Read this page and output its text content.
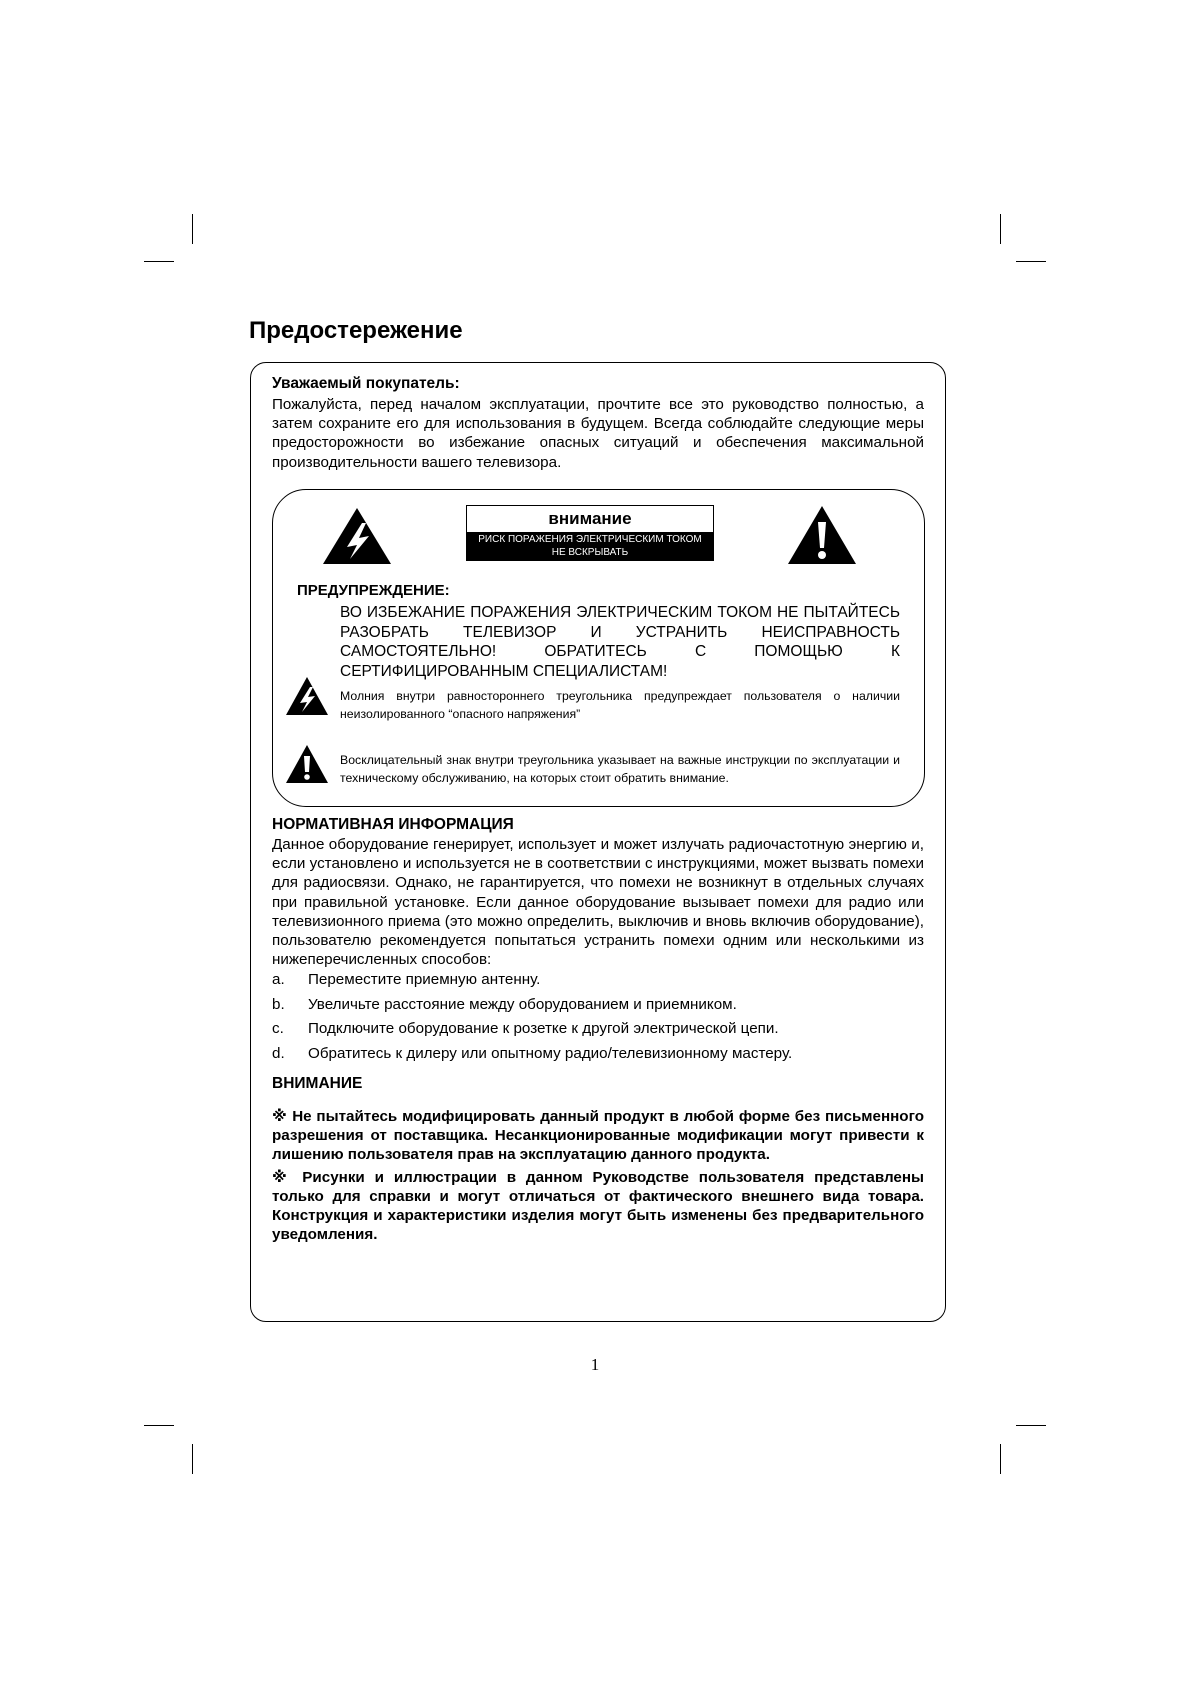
Предостережение

Уважаемый покупатель:

Пожалуйста, перед началом эксплуатации, прочтите все это руководство полностью, а затем сохраните его для использования в будущем. Всегда соблюдайте следующие меры предосторожности во избежание опасных ситуаций и обеспечения максимальной производительности вашего телевизора.

внимание
РИСК ПОРАЖЕНИЯ ЭЛЕКТРИЧЕСКИМ ТОКОМ
НЕ ВСКРЫВАТЬ
ПРЕДУПРЕЖДЕНИЕ:

ВО ИЗБЕЖАНИЕ ПОРАЖЕНИЯ ЭЛЕКТРИЧЕСКИМ ТОКОМ НЕ ПЫТАЙТЕСЬ РАЗОБРАТЬ ТЕЛЕВИЗОР И УСТРАНИТЬ НЕИСПРАВНОСТЬ САМОСТОЯТЕЛЬНО! ОБРАТИТЕСЬ С ПОМОЩЬЮ К СЕРТИФИЦИРОВАННЫМ СПЕЦИАЛИСТАМ!

Молния внутри равностороннего треугольника предупреждает пользователя о наличии неизолированного “опасного напряжения”

Восклицательный знак внутри треугольника указывает на важные инструкции по эксплуатации и техническому обслуживанию, на которых стоит обратить внимание.

НОРМАТИВНАЯ ИНФОРМАЦИЯ

Данное оборудование генерирует, использует и может излучать радиочастотную энергию и, если установлено и используется не в соответствии с инструкциями, может вызвать помехи для радиосвязи. Однако, не гарантируется, что помехи не возникнут в отдельных случаях при правильной установке. Если данное оборудование вызывает помехи для радио или телевизионного приема (это можно определить, выключив и вновь включив оборудование), пользователю рекомендуется попытаться устранить помехи одним или несколькими из нижеперечисленных способов:

a. Переместите приемную антенну.
b. Увеличьте расстояние между оборудованием и приемником.
c. Подключите оборудование к розетке к другой электрической цепи.
d. Обратитесь к дилеру или опытному радио/телевизионному мастеру.

ВНИМАНИЕ

※ Не пытайтесь модифицировать данный продукт в любой форме без письменного разрешения от поставщика. Несанкционированные модификации могут привести к лишению пользователя прав на эксплуатацию данного продукта.

※ Рисунки и иллюстрации в данном Руководстве пользователя представлены только для справки и могут отличаться от фактического внешнего вида товара. Конструкция и характеристики изделия могут быть изменены без предварительного уведомления.

1
